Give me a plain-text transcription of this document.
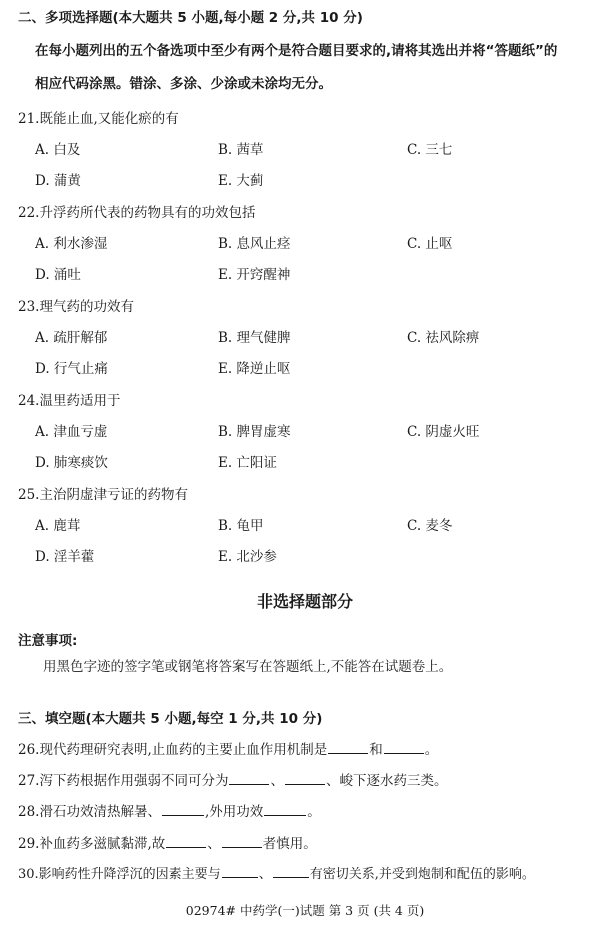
二、多项选择题(本大题共 5 小题,每小题 2 分,共 10 分)
在每小题列出的五个备选项中至少有两个是符合题目要求的,请将其选出并将“答题纸”的
相应代码涂黑。错涂、多涂、少涂或未涂均无分。
21.既能止血,又能化瘀的有
A. 白及	B. 茜草	C. 三七
D. 蒲黄	E. 大蓟
22.升浮药所代表的药物具有的功效包括
A. 利水渗湿	B. 息风止痉	C. 止呕
D. 涌吐	E. 开窍醒神
23.理气药的功效有
A. 疏肝解郁	B. 理气健脾	C. 祛风除痹
D. 行气止痛	E. 降逆止呕
24.温里药适用于
A. 津血亏虚	B. 脾胃虚寒	C. 阴虚火旺
D. 肺寒痰饮	E. 亡阳证
25.主治阴虚津亏证的药物有
A. 鹿茸	B. 龟甲	C. 麦冬
D. 淫羊藿	E. 北沙参
非选择题部分
注意事项:
用黑色字迹的签字笔或钢笔将答案写在答题纸上,不能答在试题卷上。
三、填空题(本大题共 5 小题,每空 1 分,共 10 分)
26.现代药理研究表明,止血药的主要止血作用机制是	和	。
27.泻下药根据作用强弱不同可分为	、	、峻下逐水药三类。
28.滑石功效清热解暑、	,外用功效	。
29.补血药多滋腻黏滞,故	、	者慎用。
30.影响药性升降浮沉的因素主要与	、	有密切关系,并受到炮制和配伍的影响。
02974# 中药学(一)试题 第 3 页 (共 4 页)
